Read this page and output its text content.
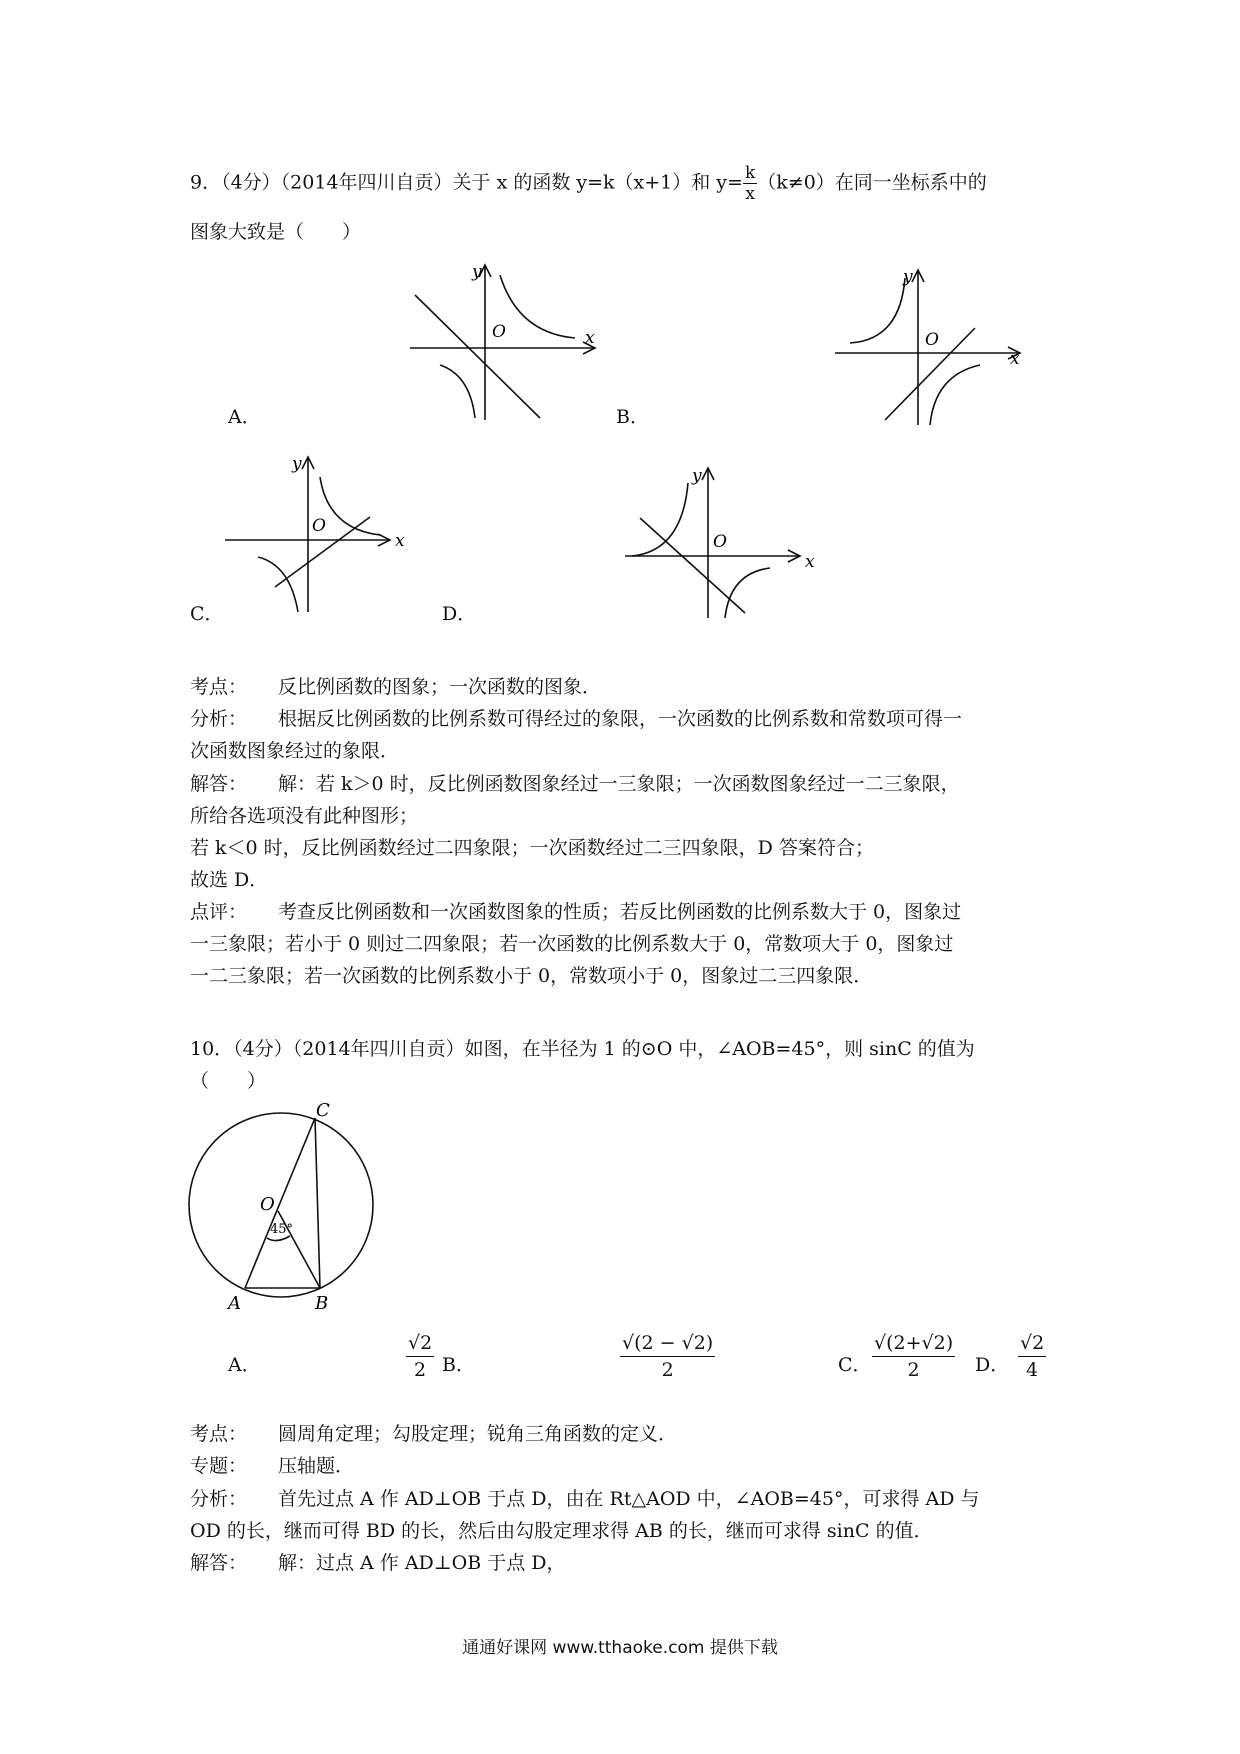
9．（4分）（2014年四川自贡）关于 x 的函数 y=k（x+1）和 $y= \frac{k}{x} (k\ne 0)$在同一坐标系中的
图象大致是（　　）
y
x
O
A．
y
x
O
B．
y
x
O
C．
y
x
O
D．
考点： 反比例函数的图象；一次函数的图象．
分析： 根据反比例函数的比例系数可得经过的象限，一次函数的比例系数和常数项可得一
次函数图象经过的象限．
解答： 解：若 k＞0 时，反比例函数图象经过一三象限；一次函数图象经过一二三象限，
所给各选项没有此种图形；
若 k＜0 时，反比例函数经过二四象限；一次函数经过二三四象限，D 答案符合；
故选 D．
点评： 考查反比例函数和一次函数图象的性质；若反比例函数的比例系数大于 0，图象过
一三象限；若小于 0 则过二四象限；若一次函数的比例系数大于 0，常数项大于 0，图象过
一二三象限；若一次函数的比例系数小于 0，常数项小于 0，图象过二三四象限．
10．（4分）（2014年四川自贡）如图，在半径为 1 的⊙O 中，∠AOB=45°，则 sinC 的值为
（　　）
C
O
A	B
45°
A．	$\frac{√2}{2}$ B．	$\frac{√(2 - √2)}{2}$	C． $\frac{√(2+√2)}{2}$ D． $\frac{√2}{4}$
考点： 圆周角定理；勾股定理；锐角三角函数的定义．
专题： 压轴题．
分析： 首先过点 A 作 AD⊥OB 于点 D，由在 Rt△AOD 中，∠AOB=45°，可求得 AD 与
OD 的长，继而可得 BD 的长，然后由勾股定理求得 AB 的长，继而可求得 sinC 的值．
解答： 解：过点 A 作 AD⊥OB 于点 D，
通通好课网 www.tthaoke.com 提供下载
